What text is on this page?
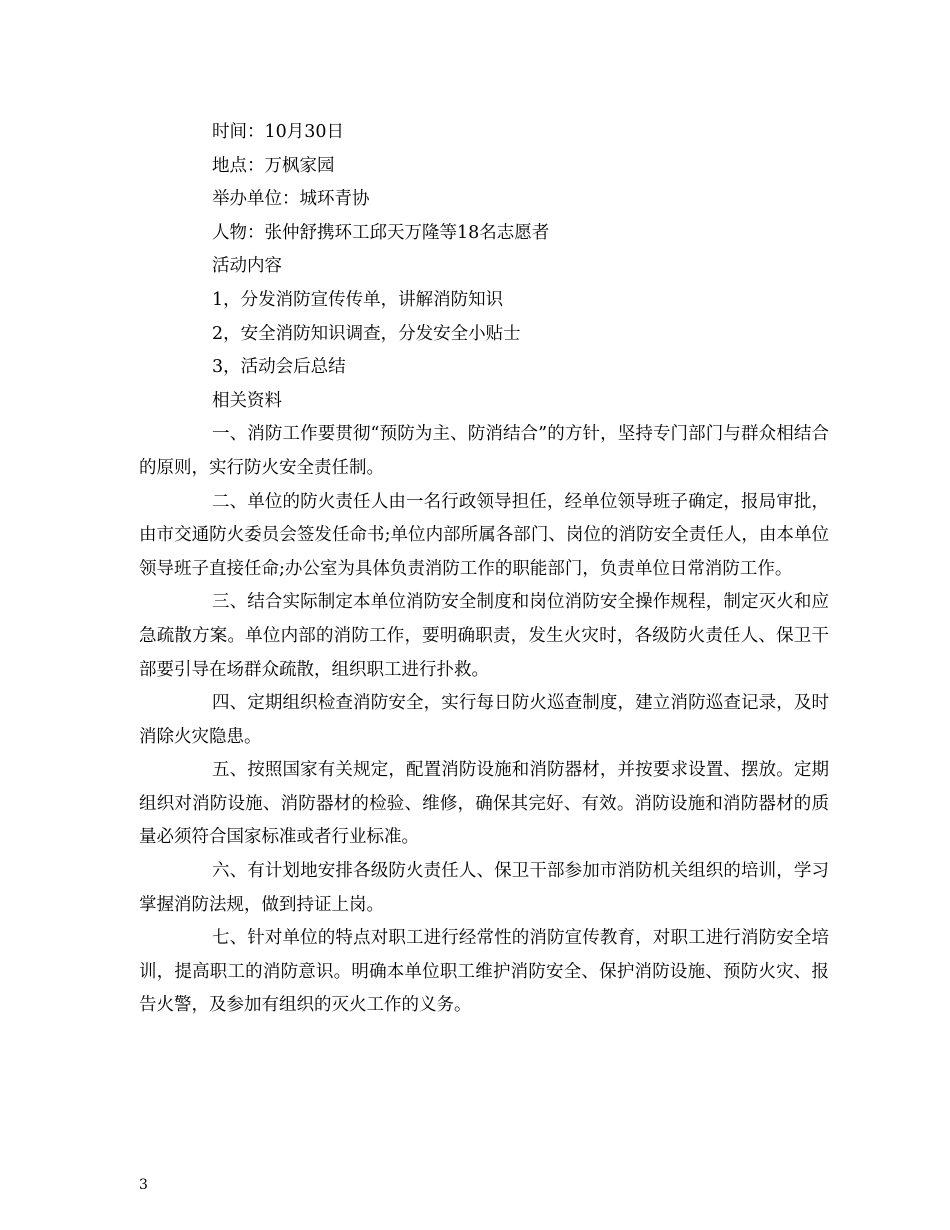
时间：10月30日

地点：万枫家园

举办单位：城环青协

人物：张仲舒携环工邱天万隆等18名志愿者

活动内容

1，分发消防宣传传单，讲解消防知识

2，安全消防知识调查，分发安全小贴士

3，活动会后总结

相关资料

一、消防工作要贯彻“预防为主、防消结合”的方针，坚持专门部门与群众相结合的原则，实行防火安全责任制。

二、单位的防火责任人由一名行政领导担任，经单位领导班子确定，报局审批，由市交通防火委员会签发任命书;单位内部所属各部门、岗位的消防安全责任人，由本单位领导班子直接任命;办公室为具体负责消防工作的职能部门，负责单位日常消防工作。

三、结合实际制定本单位消防安全制度和岗位消防安全操作规程，制定灭火和应急疏散方案。单位内部的消防工作，要明确职责，发生火灾时，各级防火责任人、保卫干部要引导在场群众疏散，组织职工进行扑救。

四、定期组织检查消防安全，实行每日防火巡查制度，建立消防巡查记录，及时消除火灾隐患。

五、按照国家有关规定，配置消防设施和消防器材，并按要求设置、摆放。定期组织对消防设施、消防器材的检验、维修，确保其完好、有效。消防设施和消防器材的质量必须符合国家标准或者行业标准。

六、有计划地安排各级防火责任人、保卫干部参加市消防机关组织的培训，学习掌握消防法规，做到持证上岗。

七、针对单位的特点对职工进行经常性的消防宣传教育，对职工进行消防安全培训，提高职工的消防意识。明确本单位职工维护消防安全、保护消防设施、预防火灾、报告火警，及参加有组织的灭火工作的义务。

3
